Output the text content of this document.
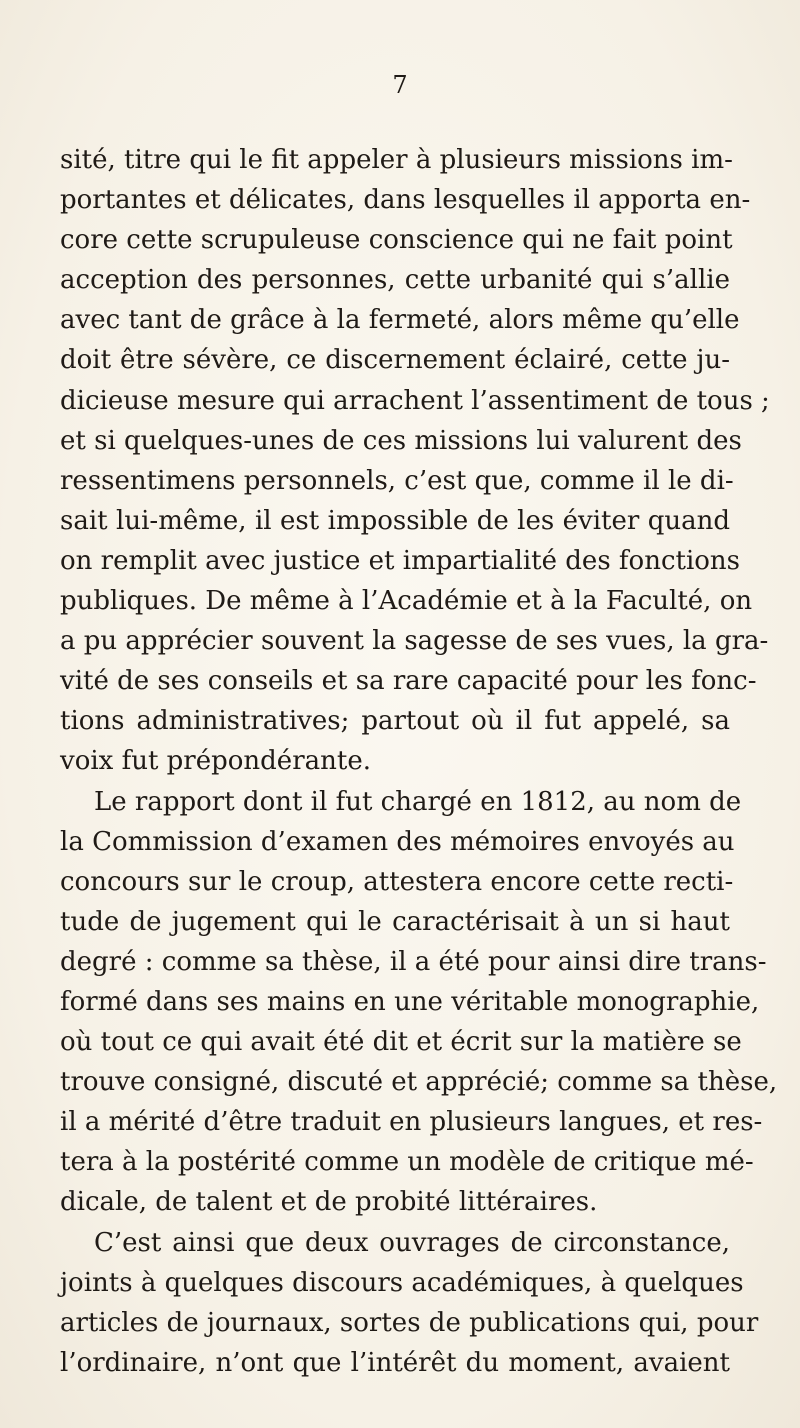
7
sité, titre qui le fit appeler à plusieurs missions im-
portantes et délicates, dans lesquelles il apporta en-
core cette scrupuleuse conscience qui ne fait point
acception des personnes, cette urbanité qui s’allie
avec tant de grâce à la fermeté, alors même qu’elle
doit être sévère, ce discernement éclairé, cette ju-
dicieuse mesure qui arrachent l’assentiment de tous ;
et si quelques-unes de ces missions lui valurent des
ressentimens personnels, c’est que, comme il le di-
sait lui-même, il est impossible de les éviter quand
on remplit avec justice et impartialité des fonctions
publiques. De même à l’Académie et à la Faculté, on
a pu apprécier souvent la sagesse de ses vues, la gra-
vité de ses conseils et sa rare capacité pour les fonc-
tions administratives; partout où il fut appelé, sa
voix fut prépondérante.
Le rapport dont il fut chargé en 1812, au nom de
la Commission d’examen des mémoires envoyés au
concours sur le croup, attestera encore cette recti-
tude de jugement qui le caractérisait à un si haut
degré : comme sa thèse, il a été pour ainsi dire trans-
formé dans ses mains en une véritable monographie,
où tout ce qui avait été dit et écrit sur la matière se
trouve consigné, discuté et apprécié; comme sa thèse,
il a mérité d’être traduit en plusieurs langues, et res-
tera à la postérité comme un modèle de critique mé-
dicale, de talent et de probité littéraires.
C’est ainsi que deux ouvrages de circonstance,
joints à quelques discours académiques, à quelques
articles de journaux, sortes de publications qui, pour
l’ordinaire, n’ont que l’intérêt du moment, avaient
